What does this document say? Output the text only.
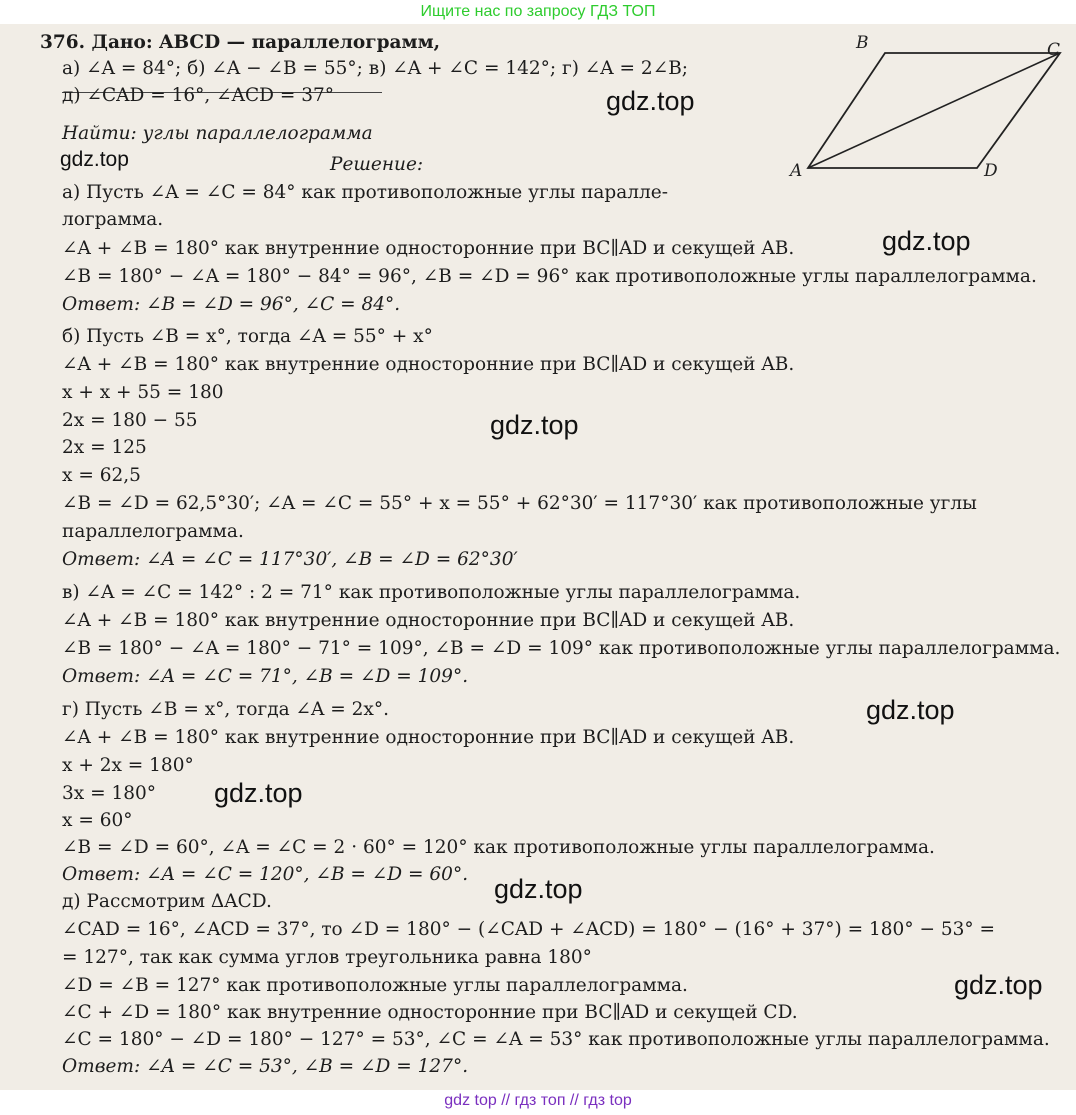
Ищите нас по запросу ГДЗ ТОП
A
B	C
D
376. Дано: ABCD — параллелограмм,
а) ∠A = 84°; б) ∠A − ∠B = 55°; в) ∠A + ∠C = 142°; г) ∠A = 2∠B;
д) ∠CAD = 16°, ∠ACD = 37°
Найти: углы параллелограмма
Решение:
а) Пусть ∠A = ∠C = 84° как противоположные углы паралле-
лограмма.
∠A + ∠B = 180° как внутренние односторонние при BC∥AD и секущей AB.
∠B = 180° − ∠A = 180° − 84° = 96°, ∠B = ∠D = 96° как противоположные углы параллелограмма.
Ответ: ∠B = ∠D = 96°, ∠C = 84°.
б) Пусть ∠B = x°, тогда ∠A = 55° + x°
∠A + ∠B = 180° как внутренние односторонние при BC∥AD и секущей AB.
x + x + 55 = 180
2x = 180 − 55
2x = 125
x = 62,5
∠B = ∠D = 62,5°30′; ∠A = ∠C = 55° + x = 55° + 62°30′ = 117°30′ как противоположные углы
параллелограмма.
Ответ: ∠A = ∠C = 117°30′, ∠B = ∠D = 62°30′
в) ∠A = ∠C = 142° : 2 = 71° как противоположные углы параллелограмма.
∠A + ∠B = 180° как внутренние односторонние при BC∥AD и секущей AB.
∠B = 180° − ∠A = 180° − 71° = 109°, ∠B = ∠D = 109° как противоположные углы параллелограмма.
Ответ: ∠A = ∠C = 71°, ∠B = ∠D = 109°.
г) Пусть ∠B = x°, тогда ∠A = 2x°.
∠A + ∠B = 180° как внутренние односторонние при BC∥AD и секущей AB.
x + 2x = 180°
3x = 180°
x = 60°
∠B = ∠D = 60°, ∠A = ∠C = 2 · 60° = 120° как противоположные углы параллелограмма.
Ответ: ∠A = ∠C = 120°, ∠B = ∠D = 60°.
д) Рассмотрим ΔACD.
∠CAD = 16°, ∠ACD = 37°, то ∠D = 180° − (∠CAD + ∠ACD) = 180° − (16° + 37°) = 180° − 53° =
= 127°, так как сумма углов треугольника равна 180°
∠D = ∠B = 127° как противоположные углы параллелограмма.
∠C + ∠D = 180° как внутренние односторонние при BC∥AD и секущей CD.
∠C = 180° − ∠D = 180° − 127° = 53°, ∠C = ∠A = 53° как противоположные углы параллелограмма.
Ответ: ∠A = ∠C = 53°, ∠B = ∠D = 127°.
gdz.top
gdz.top
gdz.top
gdz.top
gdz.top
gdz.top
gdz.top
gdz.top
gdz top // гдз топ // гдз top
